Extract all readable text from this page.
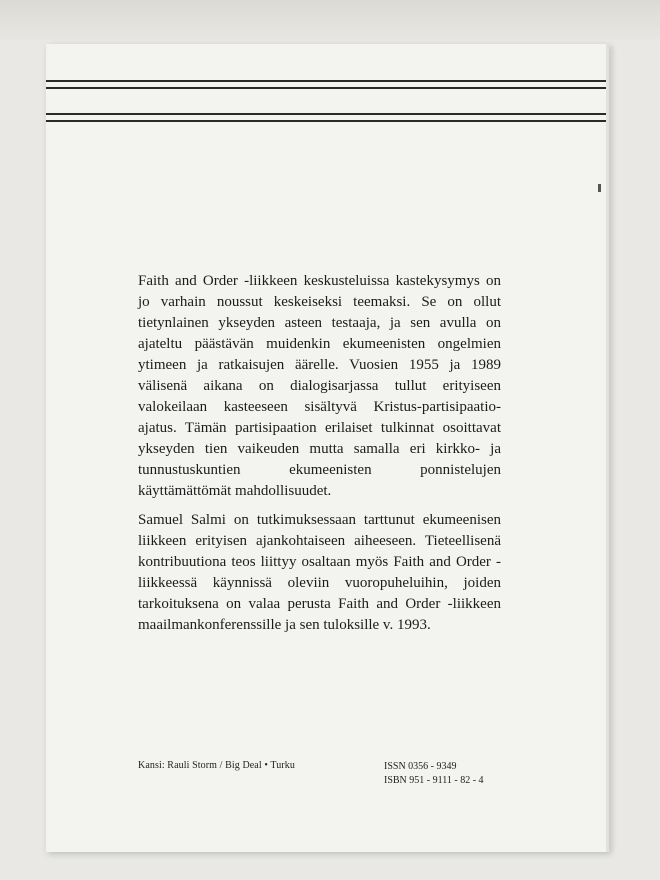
Faith and Order -liikkeen keskusteluissa kastekysymys on jo varhain noussut keskeiseksi teemaksi. Se on ollut tietynlainen ykseyden asteen testaaja, ja sen avulla on ajateltu päästävän muidenkin ekumeenisten ongelmien ytimeen ja ratkaisujen äärelle. Vuosien 1955 ja 1989 välisenä aikana on dialogisarjassa tullut erityiseen valokeilaan kasteeseen sisältyvä Kristus-partisipaatio-ajatus. Tämän partisipaation erilaiset tulkinnat osoittavat ykseyden tien vaikeuden mutta samalla eri kirkko- ja tunnustuskuntien ekumeenisten ponnistelujen käyttämättömät mahdollisuudet.

Samuel Salmi on tutkimuksessaan tarttunut ekumeenisen liikkeen erityisen ajankohtaiseen aiheeseen. Tieteellisenä kontribuutiona teos liittyy osaltaan myös Faith and Order -liikkeessä käynnissä oleviin vuoropuheluihin, joiden tarkoituksena on valaa perusta Faith and Order -liikkeen maailmankonferenssille ja sen tuloksille v. 1993.

Kansi: Rauli Storm / Big Deal • Turku	ISSN 0356 - 9349
ISBN 951 - 9111 - 82 - 4
